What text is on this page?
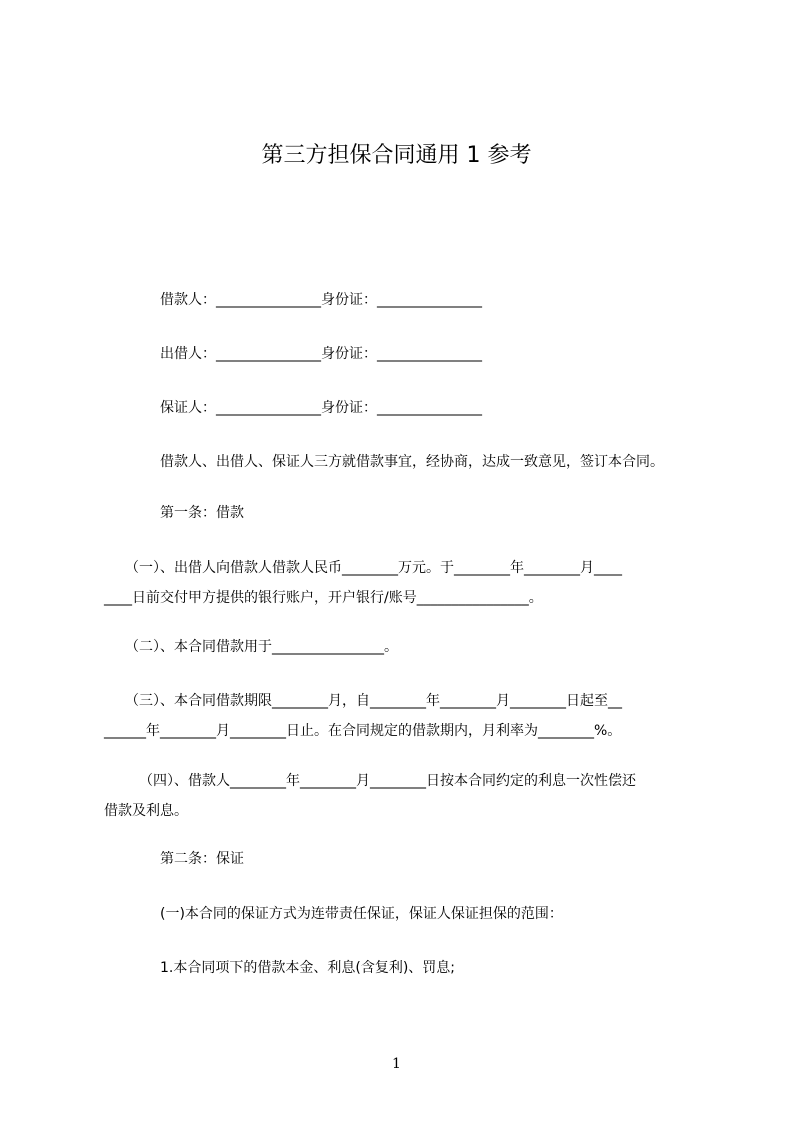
第三方担保合同通用 1 参考
　　　　借款人：_______________身份证：_______________
　　　　出借人：_______________身份证：_______________
　　　　保证人：_______________身份证：_______________
　　　　借款人、出借人、保证人三方就借款事宜，经协商，达成一致意见，签订本合同。
　　　　第一条：借款
　　（一）、出借人向借款人借款人民币________万元。于________年________月____
____日前交付甲方提供的银行账户，开户银行/账号________________。
　　（二）、本合同借款用于________________。
　　（三）、本合同借款期限________月，自________年________月________日起至__
______年________月________日止。在合同规定的借款期内，月利率为________%。
　　　（四）、借款人________年________月________日按本合同约定的利息一次性偿还
借款及利息。
　　　　第二条：保证
　　　　(一)本合同的保证方式为连带责任保证，保证人保证担保的范围：
　　　　1.本合同项下的借款本金、利息(含复利)、罚息;
1
